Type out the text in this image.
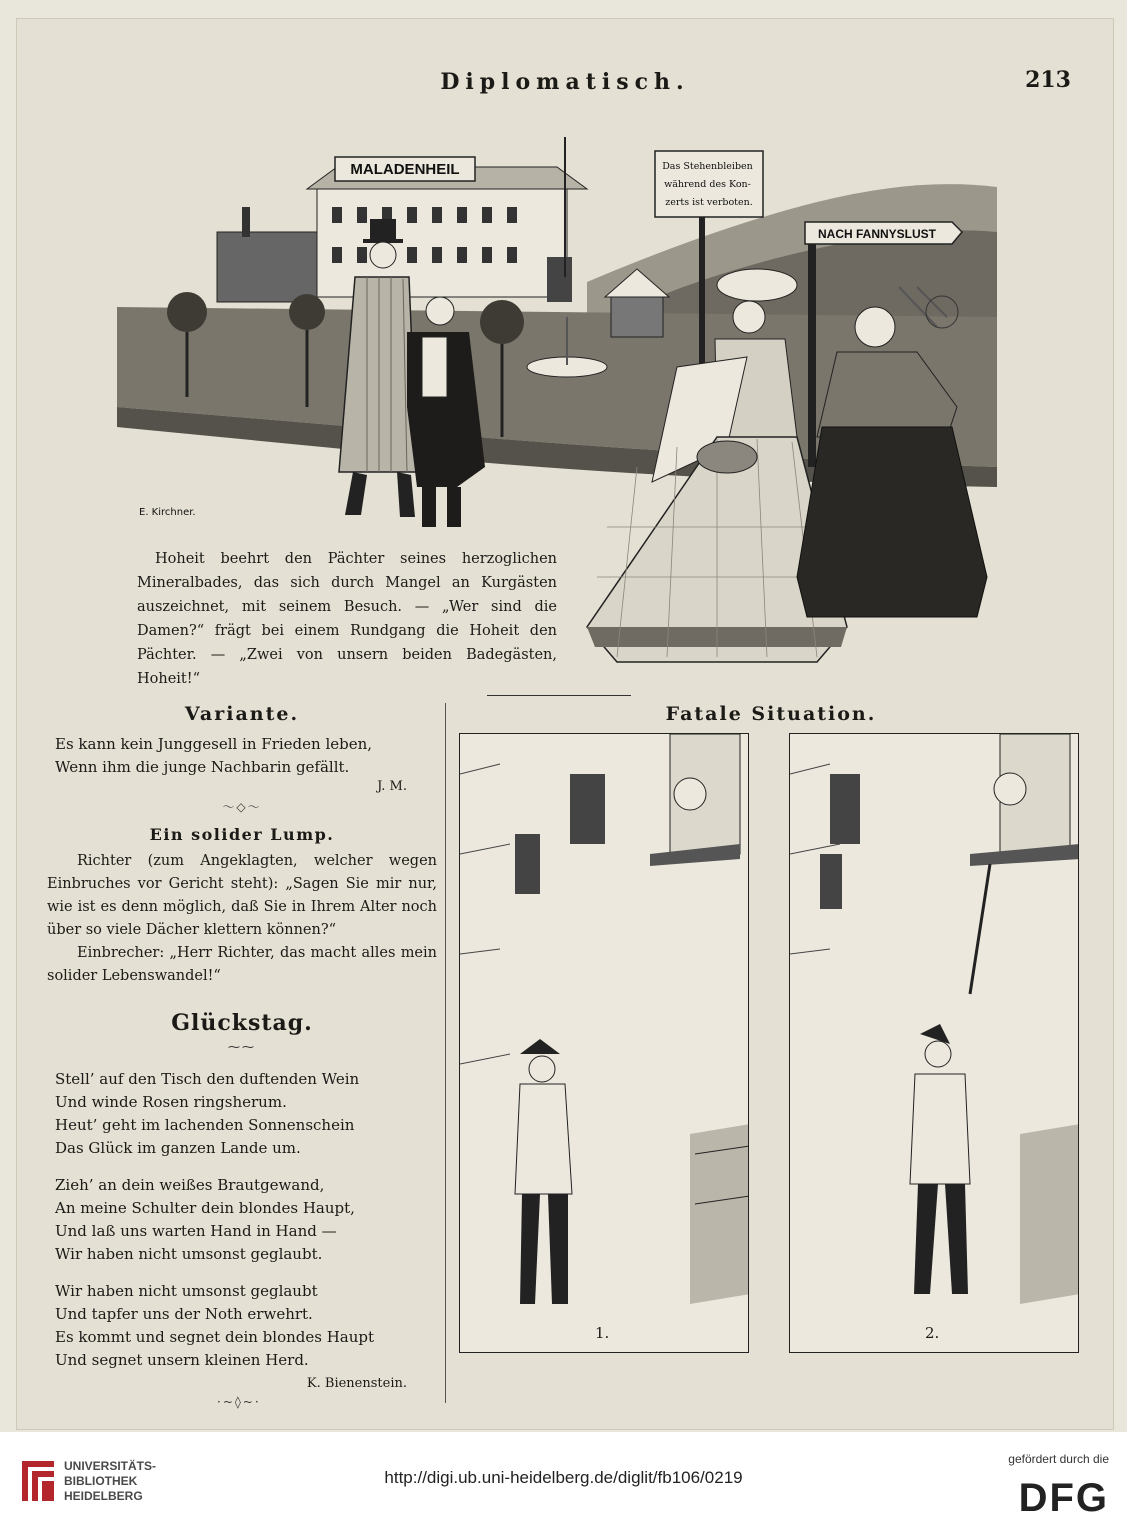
Diplomatisch.	213
MALADENHEIL	Das Stehenbleiben während des Kon- zerts ist verboten.
NACH FANNYSLUST
E. Kirchner.

Hoheit beehrt den Pächter seines herzoglichen Mineralbades, das sich durch Mangel an Kurgästen auszeichnet, mit seinem Besuch. — „Wer sind die Damen?“ frägt bei einem Rundgang die Hoheit den Pächter. — „Zwei von unsern beiden Badegästen, Hoheit!“

Variante.
Es kann kein Junggesell in Frieden leben,
Wenn ihm die junge Nachbarin gefällt.
J. M.
〜◇〜
Ein solider Lump.

Richter (zum Angeklagten, welcher wegen Einbruches vor Gericht steht): „Sagen Sie mir nur, wie ist es denn möglich, daß Sie in Ihrem Alter noch über so viele Dächer klettern können?“

Einbrecher: „Herr Richter, das macht alles mein solider Lebenswandel!“

Glückstag.
⁓⁓
Stell’ auf den Tisch den duftenden Wein
Und winde Rosen ringsherum.
Heut’ geht im lachenden Sonnenschein
Das Glück im ganzen Lande um.
Zieh’ an dein weißes Brautgewand,
An meine Schulter dein blondes Haupt,
Und laß uns warten Hand in Hand —
Wir haben nicht umsonst geglaubt.
Wir haben nicht umsonst geglaubt
Und tapfer uns der Noth erwehrt.
Es kommt und segnet dein blondes Haupt
Und segnet unsern kleinen Herd.
K. Bienenstein.
·~◊~·
Fatale Situation.
1.	2.
UNIVERSITÄTS-
BIBLIOTHEK
HEIDELBERG
http://digi.ub.uni-heidelberg.de/diglit/fb106/0219
gefördert durch die
DFG
